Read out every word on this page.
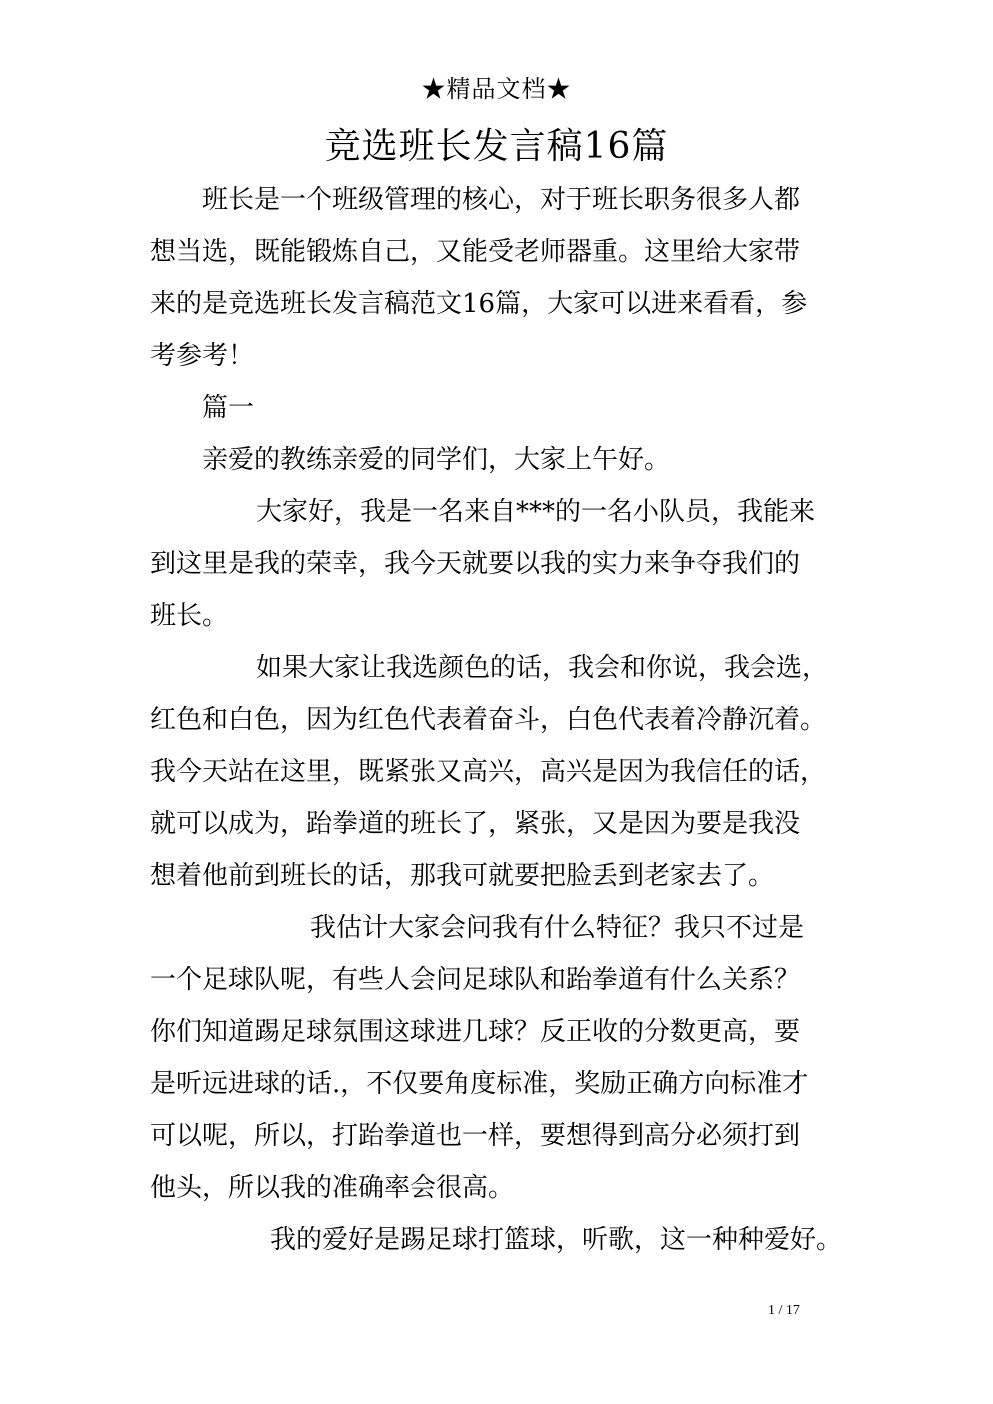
★精品文档★
竞选班长发言稿16篇
班长是一个班级管理的核心，对于班长职务很多人都
想当选，既能锻炼自己，又能受老师器重。这里给大家带
来的是竞选班长发言稿范文16篇，大家可以进来看看，参
考参考！
篇一
亲爱的教练亲爱的同学们，大家上午好。
大家好，我是一名来自***的一名小队员，我能来
到这里是我的荣幸，我今天就要以我的实力来争夺我们的
班长。
如果大家让我选颜色的话，我会和你说，我会选，
红色和白色，因为红色代表着奋斗，白色代表着冷静沉着。
我今天站在这里，既紧张又高兴，高兴是因为我信任的话，
就可以成为，跆拳道的班长了，紧张，又是因为要是我没
想着他前到班长的话，那我可就要把脸丢到老家去了。
我估计大家会问我有什么特征？我只不过是
一个足球队呢，有些人会问足球队和跆拳道有什么关系？
你们知道踢足球氛围这球进几球？反正收的分数更高，要
是听远进球的话.，不仅要角度标准，奖励正确方向标准才
可以呢，所以，打跆拳道也一样，要想得到高分必须打到
他头，所以我的准确率会很高。
我的爱好是踢足球打篮球，听歌，这一种种爱好。
1 / 17
